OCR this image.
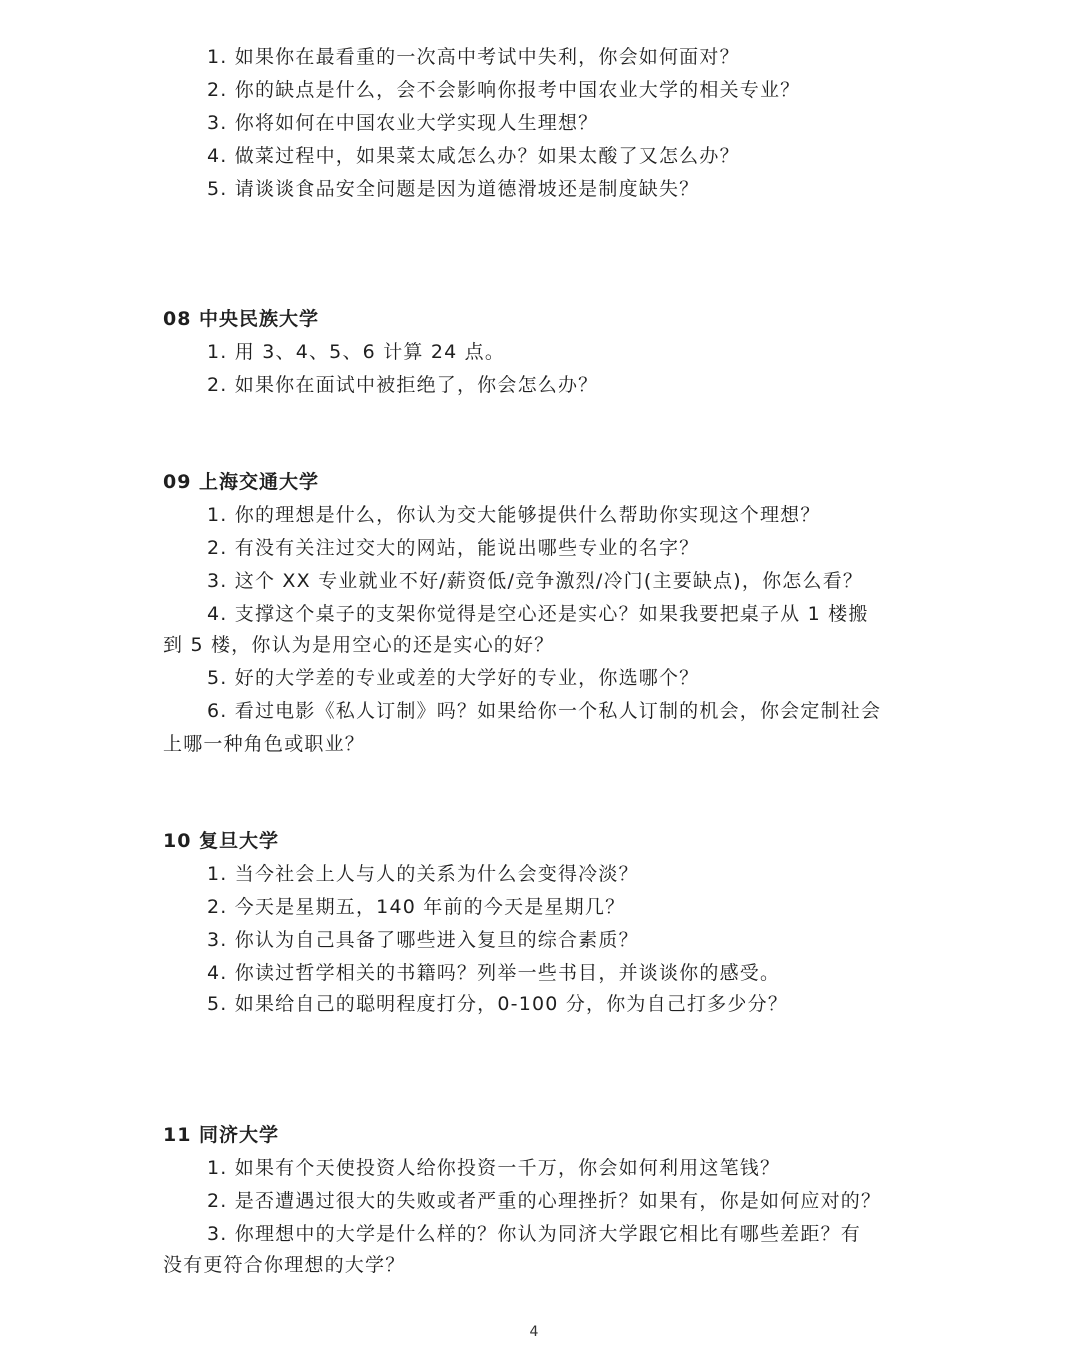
1. 如果你在最看重的一次高中考试中失利，你会如何面对？
2. 你的缺点是什么，会不会影响你报考中国农业大学的相关专业？
3. 你将如何在中国农业大学实现人生理想？
4. 做菜过程中，如果菜太咸怎么办？如果太酸了又怎么办？
5. 请谈谈食品安全问题是因为道德滑坡还是制度缺失？
08 中央民族大学
1. 用 3、4、5、6 计算 24 点。
2. 如果你在面试中被拒绝了，你会怎么办？
09 上海交通大学
1. 你的理想是什么，你认为交大能够提供什么帮助你实现这个理想？
2. 有没有关注过交大的网站，能说出哪些专业的名字？
3. 这个 XX 专业就业不好/薪资低/竞争激烈/冷门(主要缺点)，你怎么看？
4. 支撑这个桌子的支架你觉得是空心还是实心？如果我要把桌子从 1 楼搬
到 5 楼，你认为是用空心的还是实心的好？
5. 好的大学差的专业或差的大学好的专业，你选哪个？
6. 看过电影《私人订制》吗？如果给你一个私人订制的机会，你会定制社会
上哪一种角色或职业？
10 复旦大学
1. 当今社会上人与人的关系为什么会变得冷淡？
2. 今天是星期五，140 年前的今天是星期几？
3. 你认为自己具备了哪些进入复旦的综合素质？
4. 你读过哲学相关的书籍吗？列举一些书目，并谈谈你的感受。
5. 如果给自己的聪明程度打分，0-100 分，你为自己打多少分？
11 同济大学
1. 如果有个天使投资人给你投资一千万，你会如何利用这笔钱？
2. 是否遭遇过很大的失败或者严重的心理挫折？如果有，你是如何应对的？
3. 你理想中的大学是什么样的？你认为同济大学跟它相比有哪些差距？有
没有更符合你理想的大学？
4
